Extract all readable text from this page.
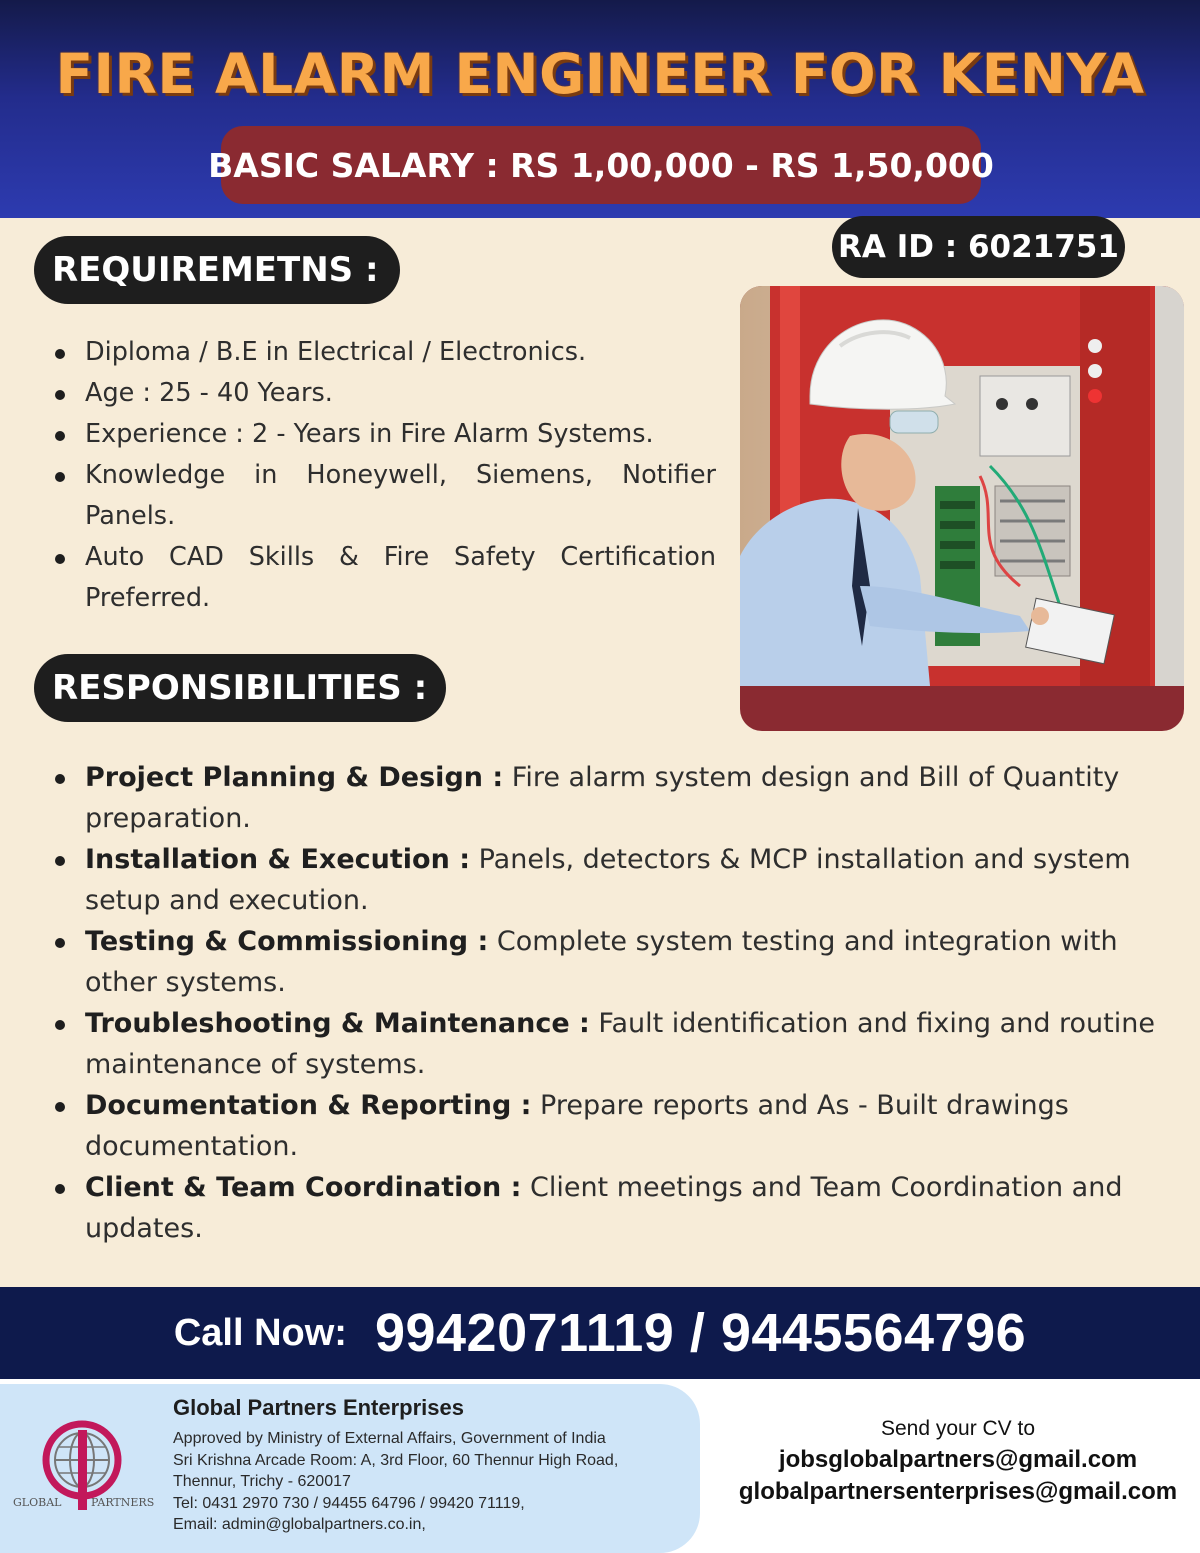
FIRE ALARM ENGINEER FOR KENYA
BASIC SALARY : RS 1,00,000 - RS 1,50,000
RA ID : 6021751
REQUIREMETNS :
Diploma / B.E in Electrical / Electronics.
Age : 25 - 40 Years.
Experience : 2 - Years in Fire Alarm Systems.
Knowledge in Honeywell, Siemens, Notifier Panels.
Auto CAD Skills & Fire Safety Certification Preferred.
RESPONSIBILITIES :
Project Planning & Design : Fire alarm system design and Bill of Quantity preparation.
Installation & Execution : Panels, detectors & MCP installation and system setup and execution.
Testing & Commissioning : Complete system testing and integration with other systems.
Troubleshooting & Maintenance : Fault identification and fixing and routine maintenance of systems.
Documentation & Reporting : Prepare reports and As - Built drawings documentation.
Client & Team Coordination : Client meetings and Team Coordination and updates.
Call Now: 9942071119 / 9445564796
GLOBAL	PARTNERS
Global Partners Enterprises
Approved by Ministry of External Affairs, Government of India
Sri Krishna Arcade Room: A, 3rd Floor, 60 Thennur High Road,
Thennur, Trichy - 620017
Tel: 0431 2970 730 / 94455 64796 / 99420 71119,
Email: admin@globalpartners.co.in,
Send your CV to
jobsglobalpartners@gmail.com
globalpartnersenterprises@gmail.com
